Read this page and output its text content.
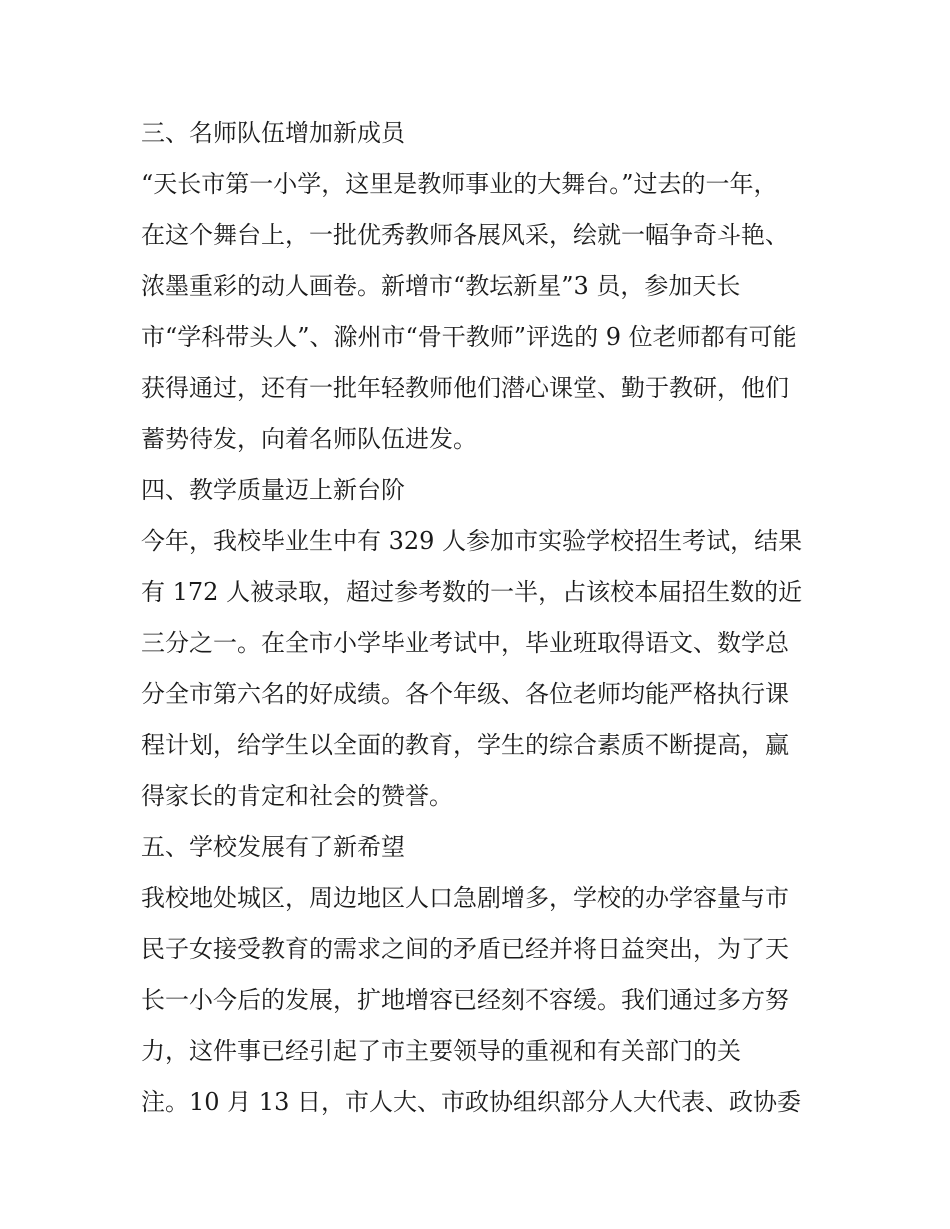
三、名师队伍增加新成员
“天长市第一小学，这里是教师事业的大舞台。”过去的一年，
在这个舞台上，一批优秀教师各展风采，绘就一幅争奇斗艳、
浓墨重彩的动人画卷。新增市“教坛新星”3 员，参加天长
市“学科带头人”、滁州市“骨干教师”评选的 9 位老师都有可能
获得通过，还有一批年轻教师他们潜心课堂、勤于教研，他们
蓄势待发，向着名师队伍进发。
四、教学质量迈上新台阶
今年，我校毕业生中有 329 人参加市实验学校招生考试，结果
有 172 人被录取，超过参考数的一半，占该校本届招生数的近
三分之一。在全市小学毕业考试中，毕业班取得语文、数学总
分全市第六名的好成绩。各个年级、各位老师均能严格执行课
程计划，给学生以全面的教育，学生的综合素质不断提高，赢
得家长的肯定和社会的赞誉。
五、学校发展有了新希望
我校地处城区，周边地区人口急剧增多，学校的办学容量与市
民子女接受教育的需求之间的矛盾已经并将日益突出，为了天
长一小今后的发展，扩地增容已经刻不容缓。我们通过多方努
力，这件事已经引起了市主要领导的重视和有关部门的关
注。10 月 13 日，市人大、市政协组织部分人大代表、政协委
